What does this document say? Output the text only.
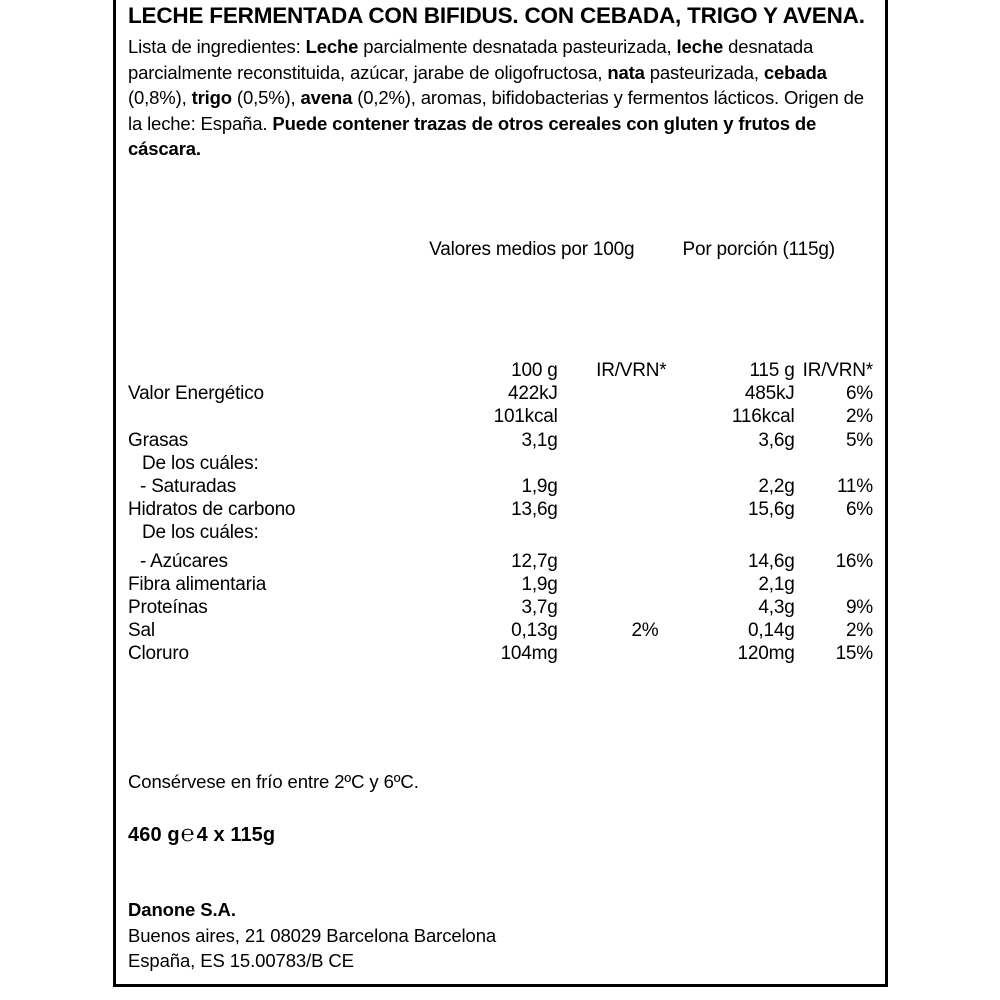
LECHE FERMENTADA CON BIFIDUS. CON CEBADA, TRIGO Y AVENA.

Lista de ingredientes: Leche parcialmente desnatada pasteurizada, leche desnatada parcialmente reconstituida, azúcar, jarabe de oligofructosa, nata pasteurizada, cebada (0,8%), trigo (0,5%), avena (0,2%), aromas, bifidobacterias y fermentos lácticos. Origen de la leche: España. Puede contener trazas de otros cereales con gluten y frutos de cáscara.

	Valores medios por 100g		Por porción (115g)	

	100 g	IR/VRN*	115 g	IR/VRN*
Valor Energético	422kJ		485kJ	6%
	101kcal		116kcal	2%
Grasas	3,1g		3,6g	5%
De los cuáles:				
- Saturadas	1,9g		2,2g	11%
Hidratos de carbono	13,6g		15,6g	6%
De los cuáles:				
- Azúcares	12,7g		14,6g	16%
Fibra alimentaria	1,9g		2,1g	
Proteínas	3,7g		4,3g	9%
Sal	0,13g	2%	0,14g	2%
Cloruro	104mg		120mg	15%
Consérvese en frío entre 2ºC y 6ºC.
460 g℮ 4 x 115g
Danone S.A.
Buenos aires, 21 08029 Barcelona Barcelona
España, ES 15.00783/B CE
